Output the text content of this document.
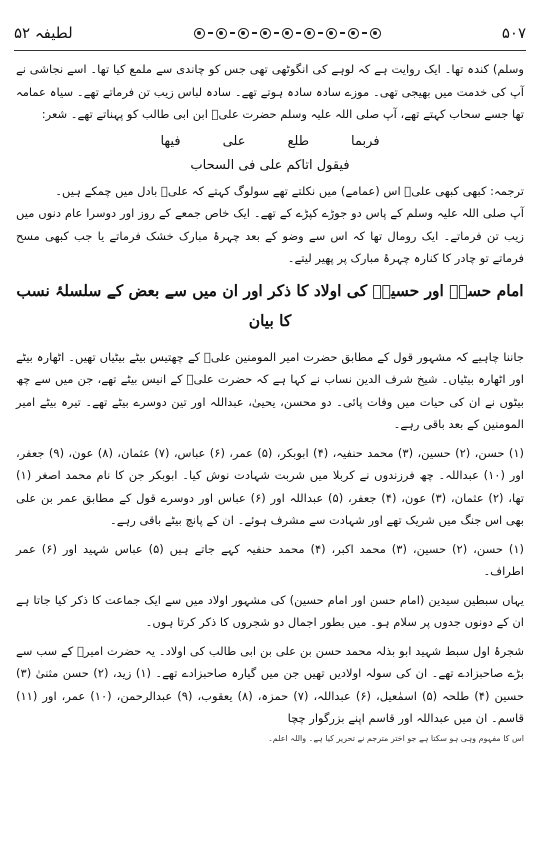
لطیفہ ۵۲	۵۰۷

وسلم) کندہ تھا۔ ایک روایت ہے کہ لوہے کی انگوٹھی تھی جس کو چاندی سے ملمع کیا تھا۔ اسے نجاشی نے آپ کی خدمت میں بھیجی تھی۔ موزے سادہ سادہ ہوتے تھے۔ سادہ لباس زیب تن فرماتے تھے۔ سیاہ عمامہ تھا جسے سحاب کہتے تھے، آپ صلی اللہ علیہ وسلم حضرت علیؓ ابن ابی طالب کو پہناتے تھے۔ شعر:

فربما
طلع
علی
فیھا
فیقول اتاکم علی فی السحاب

ترجمہ: کبھی کبھی علیؓ اس (عمامے) میں نکلتے تھے سولوگ کہتے کہ علیؓ بادل میں چمکے ہیں۔

آپ صلی اللہ علیہ وسلم کے پاس دو جوڑے کپڑے کے تھے۔ ایک خاص جمعے کے روز اور دوسرا عام دنوں میں زیب تن فرماتے۔ ایک رومال تھا کہ اس سے وضو کے بعد چہرۂ مبارک خشک فرماتے یا جب کبھی مسح فرماتے تو چادر کا کنارہ چہرۂ مبارک پر پھیر لیتے۔

امام حسنؓ اور حسینؓ کی اولاد کا ذکر اور ان میں سے بعض کے سلسلۂ نسب کا بیان

جاننا چاہیے کہ مشہور قول کے مطابق حضرت امیر المومنین علیؓ کے چھتیس بیٹے بیٹیاں تھیں۔ اٹھارہ بیٹے اور اٹھارہ بیٹیاں۔ شیخ شرف الدین نساب نے کہا ہے کہ حضرت علیؓ کے انیس بیٹے تھے، جن میں سے چھ بیٹوں نے ان کی حیات میں وفات پائی۔ دو محسن، یحییٰ، عبداللہ اور تین دوسرے بیٹے تھے۔ تیرہ بیٹے امیر المومنین کے بعد باقی رہے۔

(۱) حسن، (۲) حسین، (۳) محمد حنفیہ، (۴) ابوبکر، (۵) عمر، (۶) عباس، (۷) عثمان، (۸) عون، (۹) جعفر، اور (۱۰) عبداللہ۔ چھ فرزندوں نے کربلا میں شربت شہادت نوش کیا۔ ابوبکر جن کا نام محمد اصغر (۱) تھا، (۲) عثمان، (۳) عون، (۴) جعفر، (۵) عبداللہ اور (۶) عباس اور دوسرے قول کے مطابق عمر بن علی بھی اس جنگ میں شریک تھے اور شہادت سے مشرف ہوئے۔ ان کے پانچ بیٹے باقی رہے۔

(۱) حسن، (۲) حسین، (۳) محمد اکبر، (۴) محمد حنفیہ کہے جاتے ہیں (۵) عباس شہید اور (۶) عمر اطراف۔

یہاں سبطین سیدین (امام حسن اور امام حسین) کی مشہور اولاد میں سے ایک جماعت کا ذکر کیا جاتا ہے ان کے دونوں جدوں پر سلام ہو۔ میں بطور اجمال دو شجروں کا ذکر کرتا ہوں۔

شجرۂ اول سبط شہید ابو بذلہ محمد حسن بن علی بن ابی طالب کی اولاد۔ یہ حضرت امیرؓ کے سب سے بڑے صاحبزادے تھے۔ ان کی سولہ اولادیں تھیں جن میں گیارہ صاحبزادے تھے۔ (۱) زید، (۲) حسن مثنیٰ (۳) حسین (۴) طلحہ (۵) اسمٰعیل، (۶) عبداللہ، (۷) حمزہ، (۸) یعقوب، (۹) عبدالرحمن، (۱۰) عمر، اور (۱۱) قاسم۔ ان میں عبداللہ اور قاسم اپنے بزرگوار چچا

اس کا مفہوم وہی ہو سکتا ہے جو اختر مترجم نے تحریر کیا ہے۔ واللہ اعلم۔
